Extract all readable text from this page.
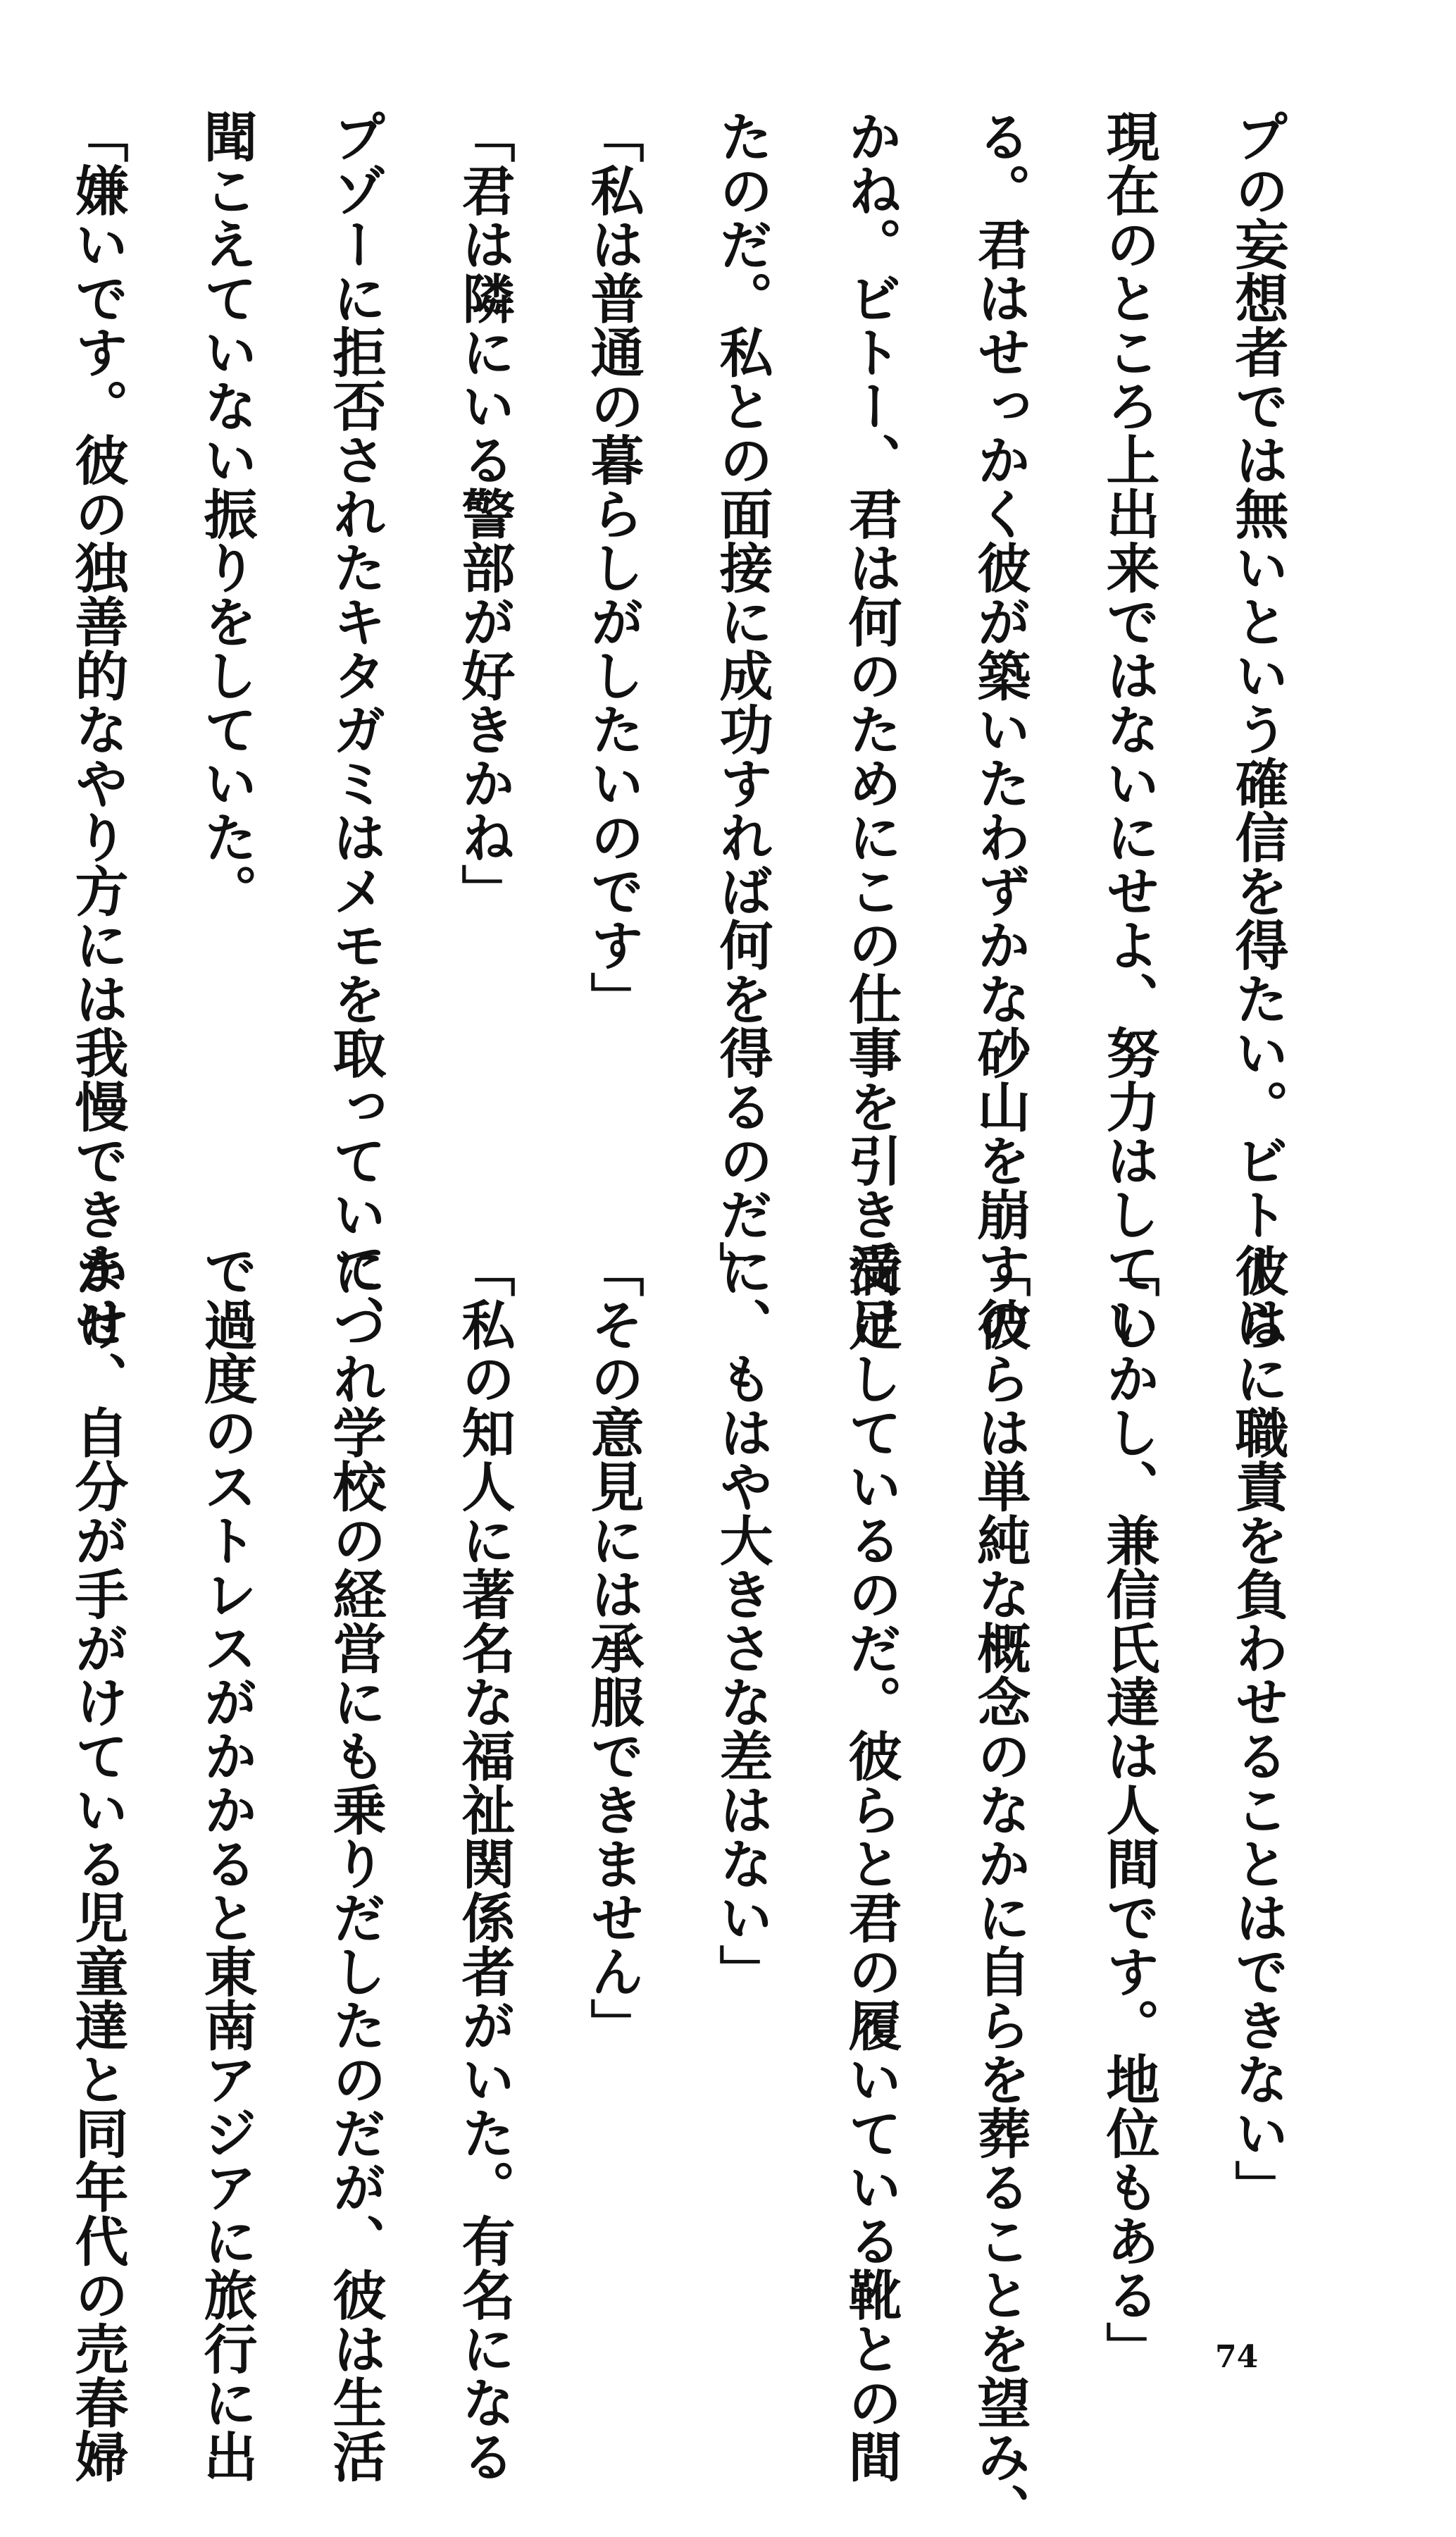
プの妄想者では無いという確信を得たい。ビトーは
現在のところ上出来ではないにせよ、努力はしてい
る。君はせっかく彼が築いたわずかな砂山を崩すの
かね。ビトー、君は何のためにこの仕事を引き受け
たのだ。私との面接に成功すれば何を得るのだ」
「私は普通の暮らしがしたいのです」
「君は隣にいる警部が好きかね」
プゾーに拒否されたキタガミはメモを取っていて、
聞こえていない振りをしていた。
「嫌いです。彼の独善的なやり方には我慢できませ
彼らに職責を負わせることはできない」
「しかし、兼信氏達は人間です。地位もある」
「彼らは単純な概念のなかに自らを葬ることを望み、
満足しているのだ。彼らと君の履いている靴との間
に、もはや大きさな差はない」
「その意見には承服できません」
「私の知人に著名な福祉関係者がいた。有名になる
につれ学校の経営にも乗りだしたのだが、彼は生活
で過度のストレスがかかると東南アジアに旅行に出
かけ、自分が手がけている児童達と同年代の売春婦	74
